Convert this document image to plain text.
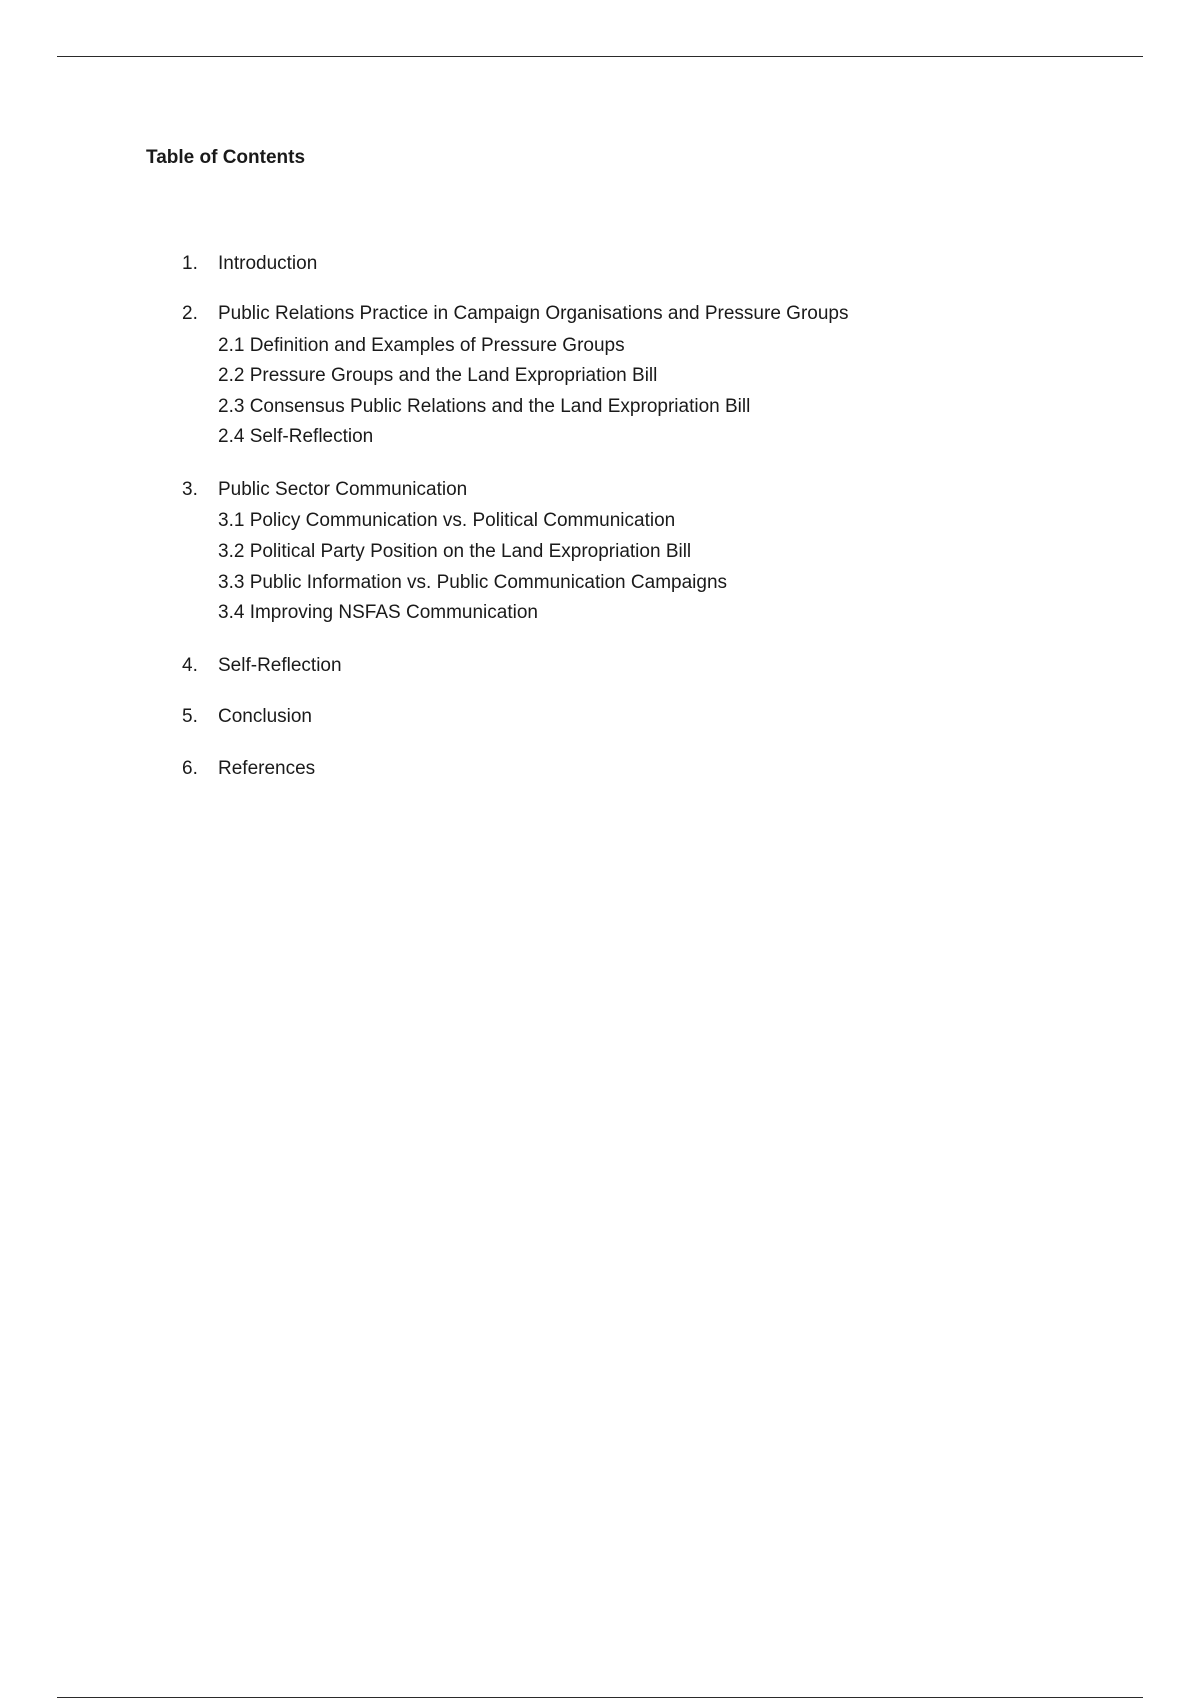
Table of Contents
1. Introduction
2. Public Relations Practice in Campaign Organisations and Pressure Groups
2.1 Definition and Examples of Pressure Groups
2.2 Pressure Groups and the Land Expropriation Bill
2.3 Consensus Public Relations and the Land Expropriation Bill
2.4 Self-Reflection
3. Public Sector Communication
3.1 Policy Communication vs. Political Communication
3.2 Political Party Position on the Land Expropriation Bill
3.3 Public Information vs. Public Communication Campaigns
3.4 Improving NSFAS Communication
4. Self-Reflection
5. Conclusion
6. References
